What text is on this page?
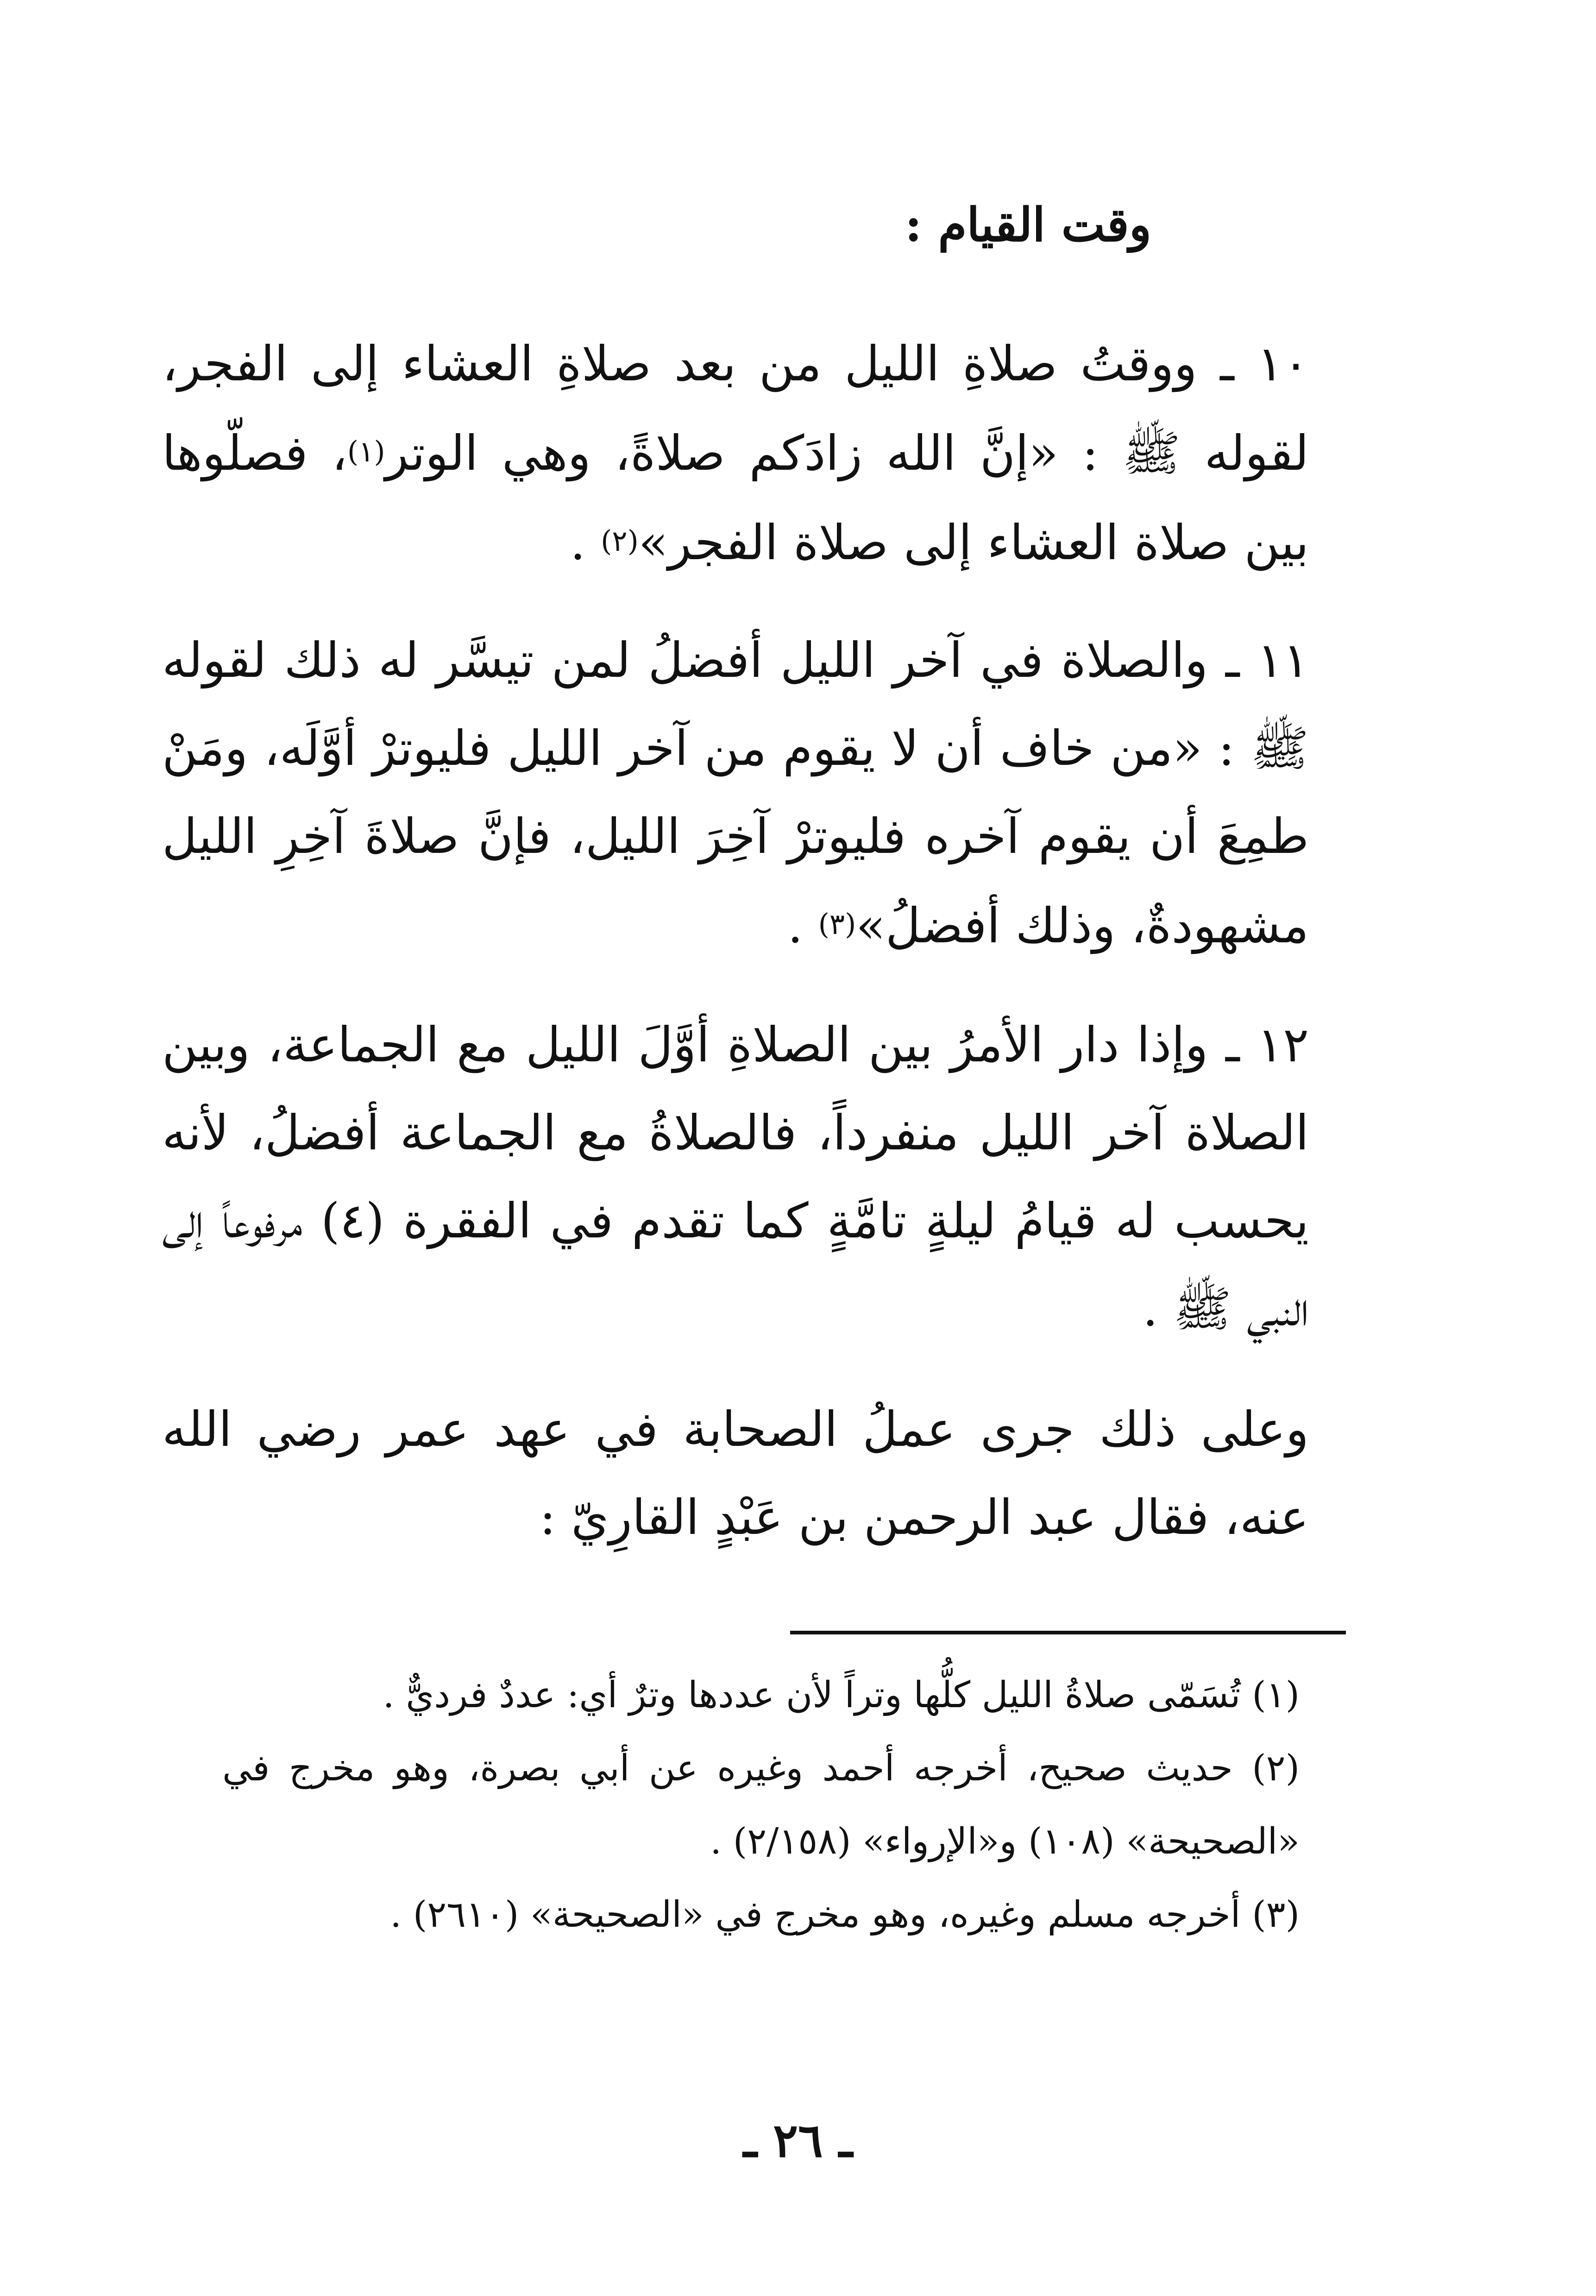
وقت القيام :

١٠ ـ ووقتُ صلاةِ الليل من بعد صلاةِ العشاء إلى الفجر، لقوله ﷺ : «إنَّ الله زادَكم صلاةً، وهي الوتر$^{(١)}$، فصلّوها بين صلاة العشاء إلى صلاة الفجر»$^{(٢)}$ .

١١ ـ والصلاة في آخر الليل أفضلُ لمن تيسَّر له ذلك لقوله ﷺ : «من خاف أن لا يقوم من آخر الليل فليوترْ أوَّلَه، ومَنْ طمِعَ أن يقوم آخره فليوترْ آخِرَ الليل، فإنَّ صلاةَ آخِرِ الليل مشهودةٌ، وذلك أفضلُ»$^{(٣)}$ .

١٢ ـ وإذا دار الأمرُ بين الصلاةِ أوَّلَ الليل مع الجماعة، وبين الصلاة آخر الليل منفرداً، فالصلاةُ مع الجماعة أفضلُ، لأنه يحسب له قيامُ ليلةٍ تامَّةٍ كما تقدم في الفقرة (٤) مرفوعاً إلى النبي ﷺ .

وعلى ذلك جرى عملُ الصحابة في عهد عمر رضي الله عنه، فقال عبد الرحمن بن عَبْدٍ القارِيّ :

(١) تُسَمّى صلاةُ الليل كلُّها وتراً لأن عددها وترٌ أي: عددٌ فرديٌّ .

(٢) حديث صحيح، أخرجه أحمد وغيره عن أبي بصرة، وهو مخرج في «الصحيحة» (١٠٨) و«الإرواء» (٢/١٥٨) .

(٣) أخرجه مسلم وغيره، وهو مخرج في «الصحيحة» (٢٦١٠) .

ـ ٢٦ ـ
